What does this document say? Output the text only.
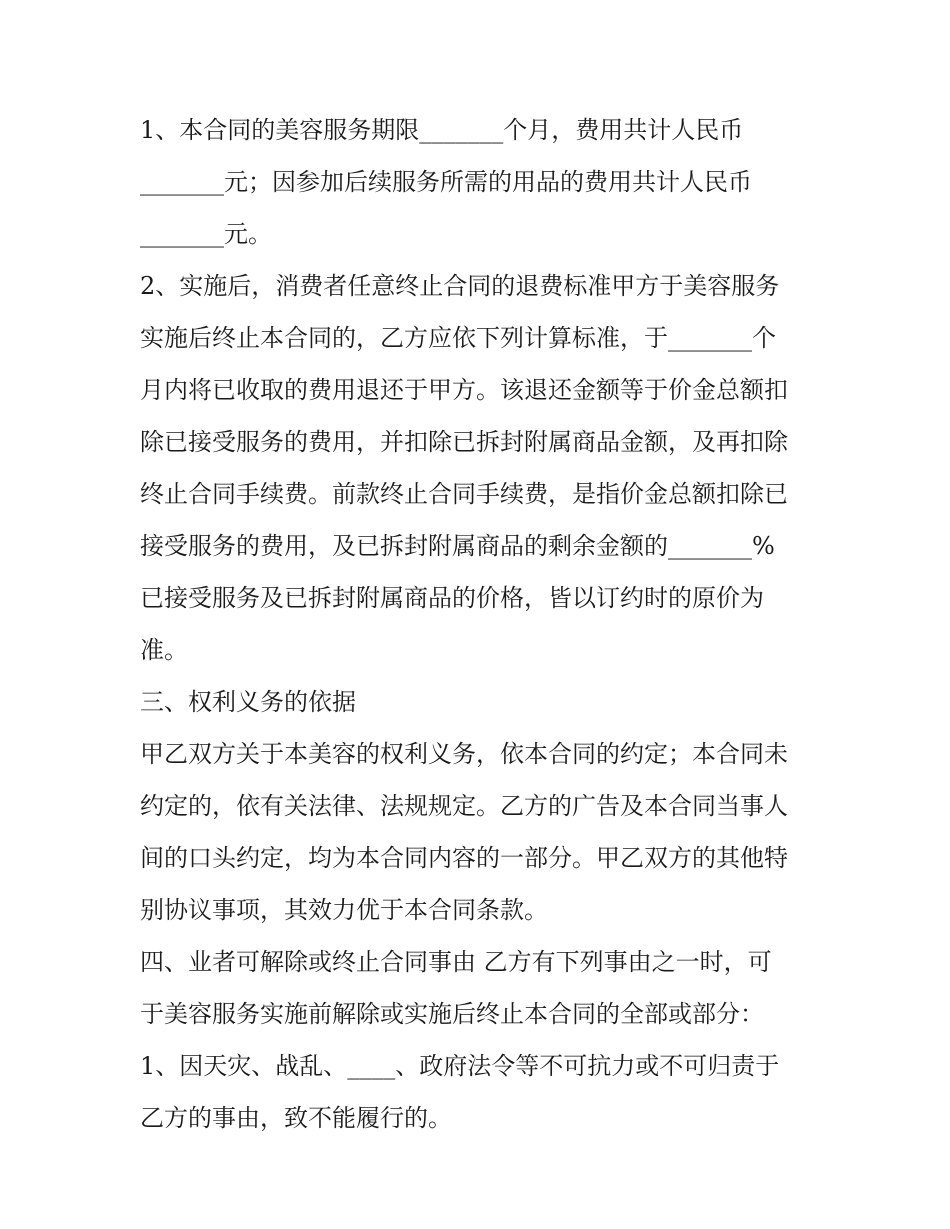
1、本合同的美容服务期限_______个月，费用共计人民币
_______元；因参加后续服务所需的用品的费用共计人民币
_______元。
2、实施后，消费者任意终止合同的退费标准甲方于美容服务
实施后终止本合同的，乙方应依下列计算标准，于_______个
月内将已收取的费用退还于甲方。该退还金额等于价金总额扣
除已接受服务的费用，并扣除已拆封附属商品金额，及再扣除
终止合同手续费。前款终止合同手续费，是指价金总额扣除已
接受服务的费用，及已拆封附属商品的剩余金额的_______%
已接受服务及已拆封附属商品的价格，皆以订约时的原价为
准。
三、权利义务的依据
甲乙双方关于本美容的权利义务，依本合同的约定；本合同未
约定的，依有关法律、法规规定。乙方的广告及本合同当事人
间的口头约定，均为本合同内容的一部分。甲乙双方的其他特
别协议事项，其效力优于本合同条款。
四、业者可解除或终止合同事由 乙方有下列事由之一时，可
于美容服务实施前解除或实施后终止本合同的全部或部分：
1、因天灾、战乱、____、政府法令等不可抗力或不可归责于
乙方的事由，致不能履行的。
